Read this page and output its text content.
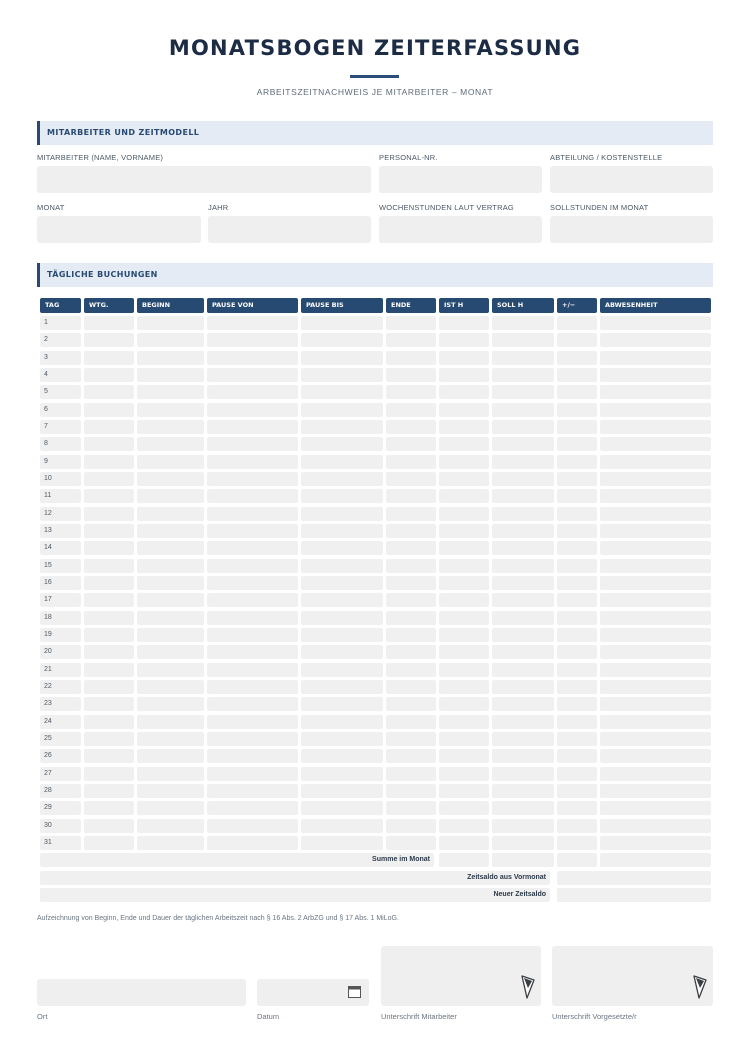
MONATSBOGEN ZEITERFASSUNG
ARBEITSZEITNACHWEIS JE MITARBEITER – MONAT
MITARBEITER UND ZEITMODELL
MITARBEITER (NAME, VORNAME)	PERSONAL-NR.	ABTEILUNG / KOSTENSTELLE
MONAT	JAHR	WOCHENSTUNDEN LAUT VERTRAG	SOLLSTUNDEN IM MONAT
TÄGLICHE BUCHUNGEN
TAG	WTG.	BEGINN	PAUSE VON	PAUSE BIS	ENDE	IST H	SOLL H	+/−	ABWESENHEIT
1
2
3
4
5
6
7
8
9
10
11
12
13
14
15
16
17
18
19
20
21
22
23
24
25
26
27
28
29
30
31
Summe im Monat
Zeitsaldo aus Vormonat
Neuer Zeitsaldo
Aufzeichnung von Beginn, Ende und Dauer der täglichen Arbeitszeit nach § 16 Abs. 2 ArbZG und § 17 Abs. 1 MiLoG.
Ort	Datum	Unterschrift Mitarbeiter	Unterschrift Vorgesetzte/r
